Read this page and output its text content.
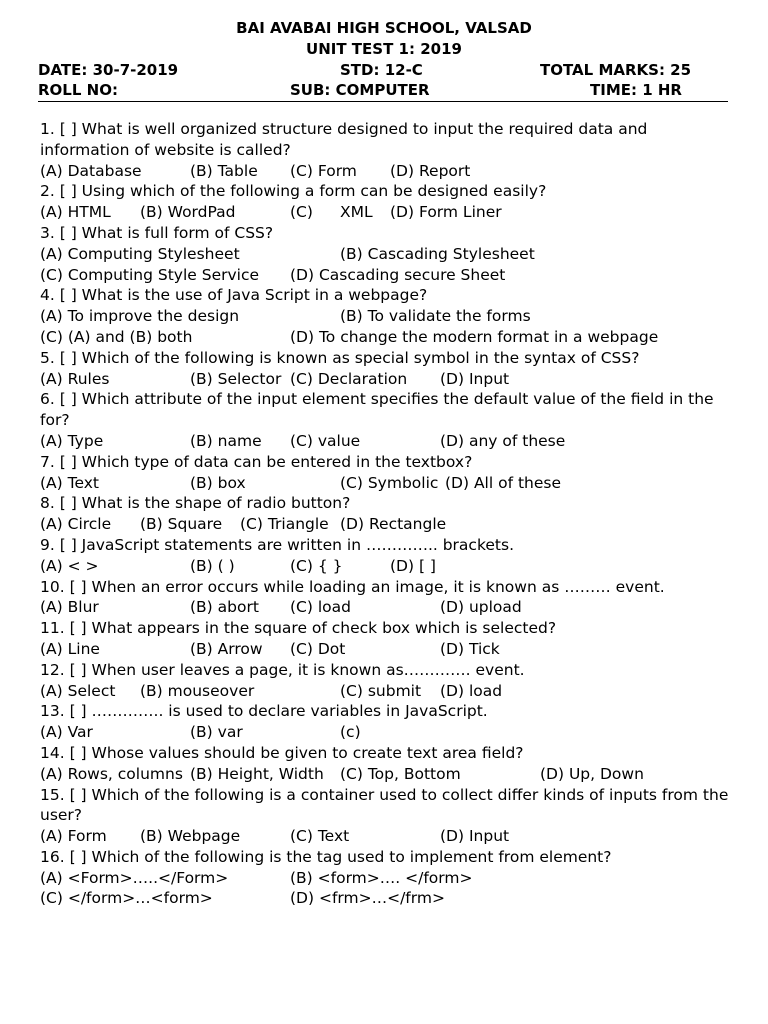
BAI AVABAI HIGH SCHOOL, VALSAD
UNIT TEST 1: 2019
DATE: 30-7-2019	STD: 12-C	TOTAL MARKS: 25
ROLL NO:	SUB: COMPUTER	TIME: 1 HR
1. [ ] What is well organized structure designed to input the required data and information of website is called?
(A) Database	(B) Table (C) Form (D) Report
2. [ ] Using which of the following a form can be designed easily?
(A) HTML (B) WordPad	(C) XML (D) Form Liner
3. [ ] What is full form of CSS?
(A) Computing Stylesheet	(B) Cascading Stylesheet
(C) Computing Style Service (D) Cascading secure Sheet
4. [ ] What is the use of Java Script in a webpage?
(A) To improve the design	(B) To validate the forms
(C) (A) and (B) both	(D) To change the modern format in a webpage
5. [ ] Which of the following is known as special symbol in the syntax of CSS?
(A) Rules	(B) Selector (C) Declaration (D) Input
6. [ ] Which attribute of the input element specifies the default value of the field in the for?
(A) Type	(B) name (C) value	(D) any of these
7. [ ] Which type of data can be entered in the textbox?
(A) Text	(B) box	(C) Symbolic (D) All of these
8. [ ] What is the shape of radio button?
(A) Circle (B) Square (C) Triangle (D) Rectangle
9. [ ] JavaScript statements are written in ………….. brackets.
(A) < >	(B) ( )	(C) { }	(D) [ ]
10. [ ] When an error occurs while loading an image, it is known as ……… event.
(A) Blur	(B) abort (C) load	(D) upload
11. [ ] What appears in the square of check box which is selected?
(A) Line	(B) Arrow (C) Dot	(D) Tick
12. [ ] When user leaves a page, it is known as…………. event.
(A) Select (B) mouseover	(C) submit (D) load
13. [ ] ………….. is used to declare variables in JavaScript.
(A) Var	(B) var	(c)
14. [ ] Whose values should be given to create text area field?
(A) Rows, columns (B) Height, Width (C) Top, Bottom	(D) Up, Down
15. [ ] Which of the following is a container used to collect differ kinds of inputs from the user?
(A) Form (B) Webpage	(C) Text	(D) Input
16. [ ] Which of the following is the tag used to implement from element?
(A) <Form>…..</Form>	(B) <form>…. </form>
(C) </form>…<form>	(D) <frm>…</frm>
